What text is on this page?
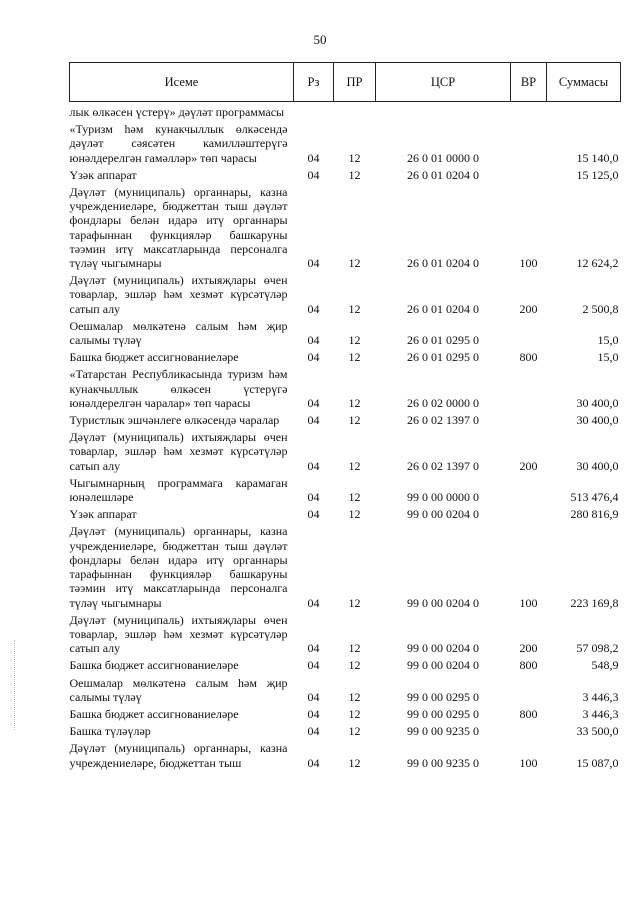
50
Исеме	Рз	ПР	ЦСР	ВР	Суммасы
лык өлкәсен үстерү» дәүләт программасы					
«Туризм һәм кунакчыллык өлкәсендә дәүләт сәясәтен камилләштерүгә юнәлдерелгән гамәлләр» төп чарасы	04	12	26 0 01 0000 0		15 140,0
Үзәк аппарат	04	12	26 0 01 0204 0		15 125,0
Дәүләт (муниципаль) органнары, казна учреждениеләре, бюджеттан тыш дәүләт фондлары белән идарә итү органнары тарафыннан функцияләр башкаруны тәэмин итү максатларында персоналга түләү чыгымнары	04	12	26 0 01 0204 0	100	12 624,2
Дәүләт (муниципаль) ихтыяҗлары өчен товарлар, эшләр һәм хезмәт күрсәтүләр сатып алу	04	12	26 0 01 0204 0	200	2 500,8
Оешмалар мөлкәтенә салым һәм җир салымы түләү	04	12	26 0 01 0295 0		15,0
Башка бюджет ассигнованиеләре	04	12	26 0 01 0295 0	800	15,0
«Татарстан Республикасында туризм һәм кунакчыллык өлкәсен үстерүгә юнәлдерелгән чаралар» төп чарасы	04	12	26 0 02 0000 0		30 400,0
Туристлык эшчәнлеге өлкәсендә чаралар	04	12	26 0 02 1397 0		30 400,0
Дәүләт (муниципаль) ихтыяҗлары өчен товарлар, эшләр һәм хезмәт күрсәтүләр сатып алу	04	12	26 0 02 1397 0	200	30 400,0
Чыгымнарның программага карамаган юнәлешләре	04	12	99 0 00 0000 0		513 476,4
Үзәк аппарат	04	12	99 0 00 0204 0		280 816,9
Дәүләт (муниципаль) органнары, казна учреждениеләре, бюджеттан тыш дәүләт фондлары белән идарә итү органнары тарафыннан функцияләр башкаруны тәэмин итү максатларында персоналга түләү чыгымнары	04	12	99 0 00 0204 0	100	223 169,8
Дәүләт (муниципаль) ихтыяҗлары өчен товарлар, эшләр һәм хезмәт күрсәтүләр сатып алу	04	12	99 0 00 0204 0	200	57 098,2
Башка бюджет ассигнованиеләре	04	12	99 0 00 0204 0	800	548,9
Оешмалар мөлкәтенә салым һәм җир салымы түләү	04	12	99 0 00 0295 0		3 446,3
Башка бюджет ассигнованиеләре	04	12	99 0 00 0295 0	800	3 446,3
Башка түләүләр	04	12	99 0 00 9235 0		33 500,0
Дәүләт (муниципаль) органнары, казна учреждениеләре, бюджеттан тыш	04	12	99 0 00 9235 0	100	15 087,0
